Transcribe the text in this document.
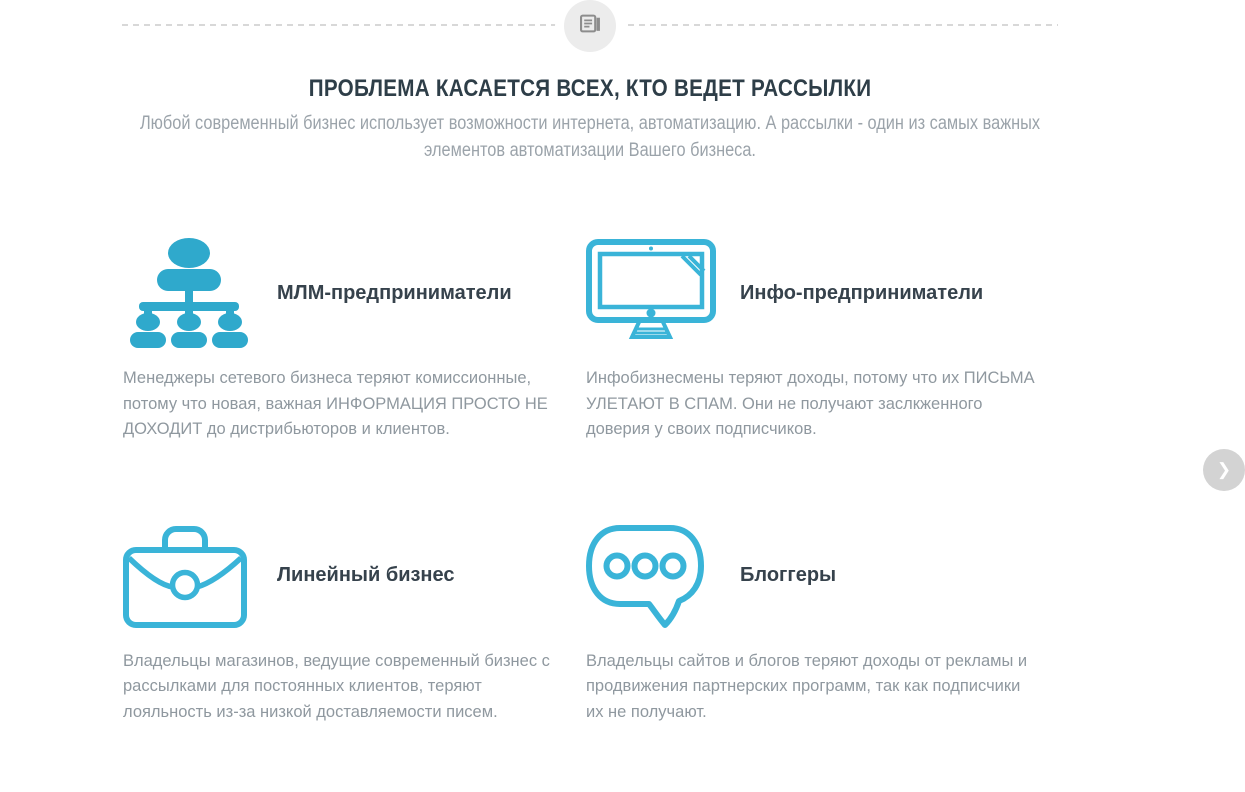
ПРОБЛЕМА КАСАЕТСЯ ВСЕХ, КТО ВЕДЕТ РАССЫЛКИ
Любой современный бизнес использует возможности интернета, автоматизацию. А рассылки - один из самых важных элементов автоматизации Вашего бизнеса.
МЛМ-предприниматели

Менеджеры сетевого бизнеса теряют комиссионные, потому что новая, важная ИНФОРМАЦИЯ ПРОСТО НЕ ДОХОДИТ до дистрибьюторов и клиентов.

Инфо-предприниматели

Инфобизнесмены теряют доходы, потому что их ПИСЬМА УЛЕТАЮТ В СПАМ. Они не получают заслкженного доверия у своих подписчиков.

Линейный бизнес

Владельцы магазинов, ведущие современный бизнес с рассылками для постоянных клиентов, теряют лояльность из-за низкой доставляемости писем.

Блоггеры

Владельцы сайтов и блогов теряют доходы от рекламы и продвижения партнерских программ, так как подписчики их не получают.

❯
